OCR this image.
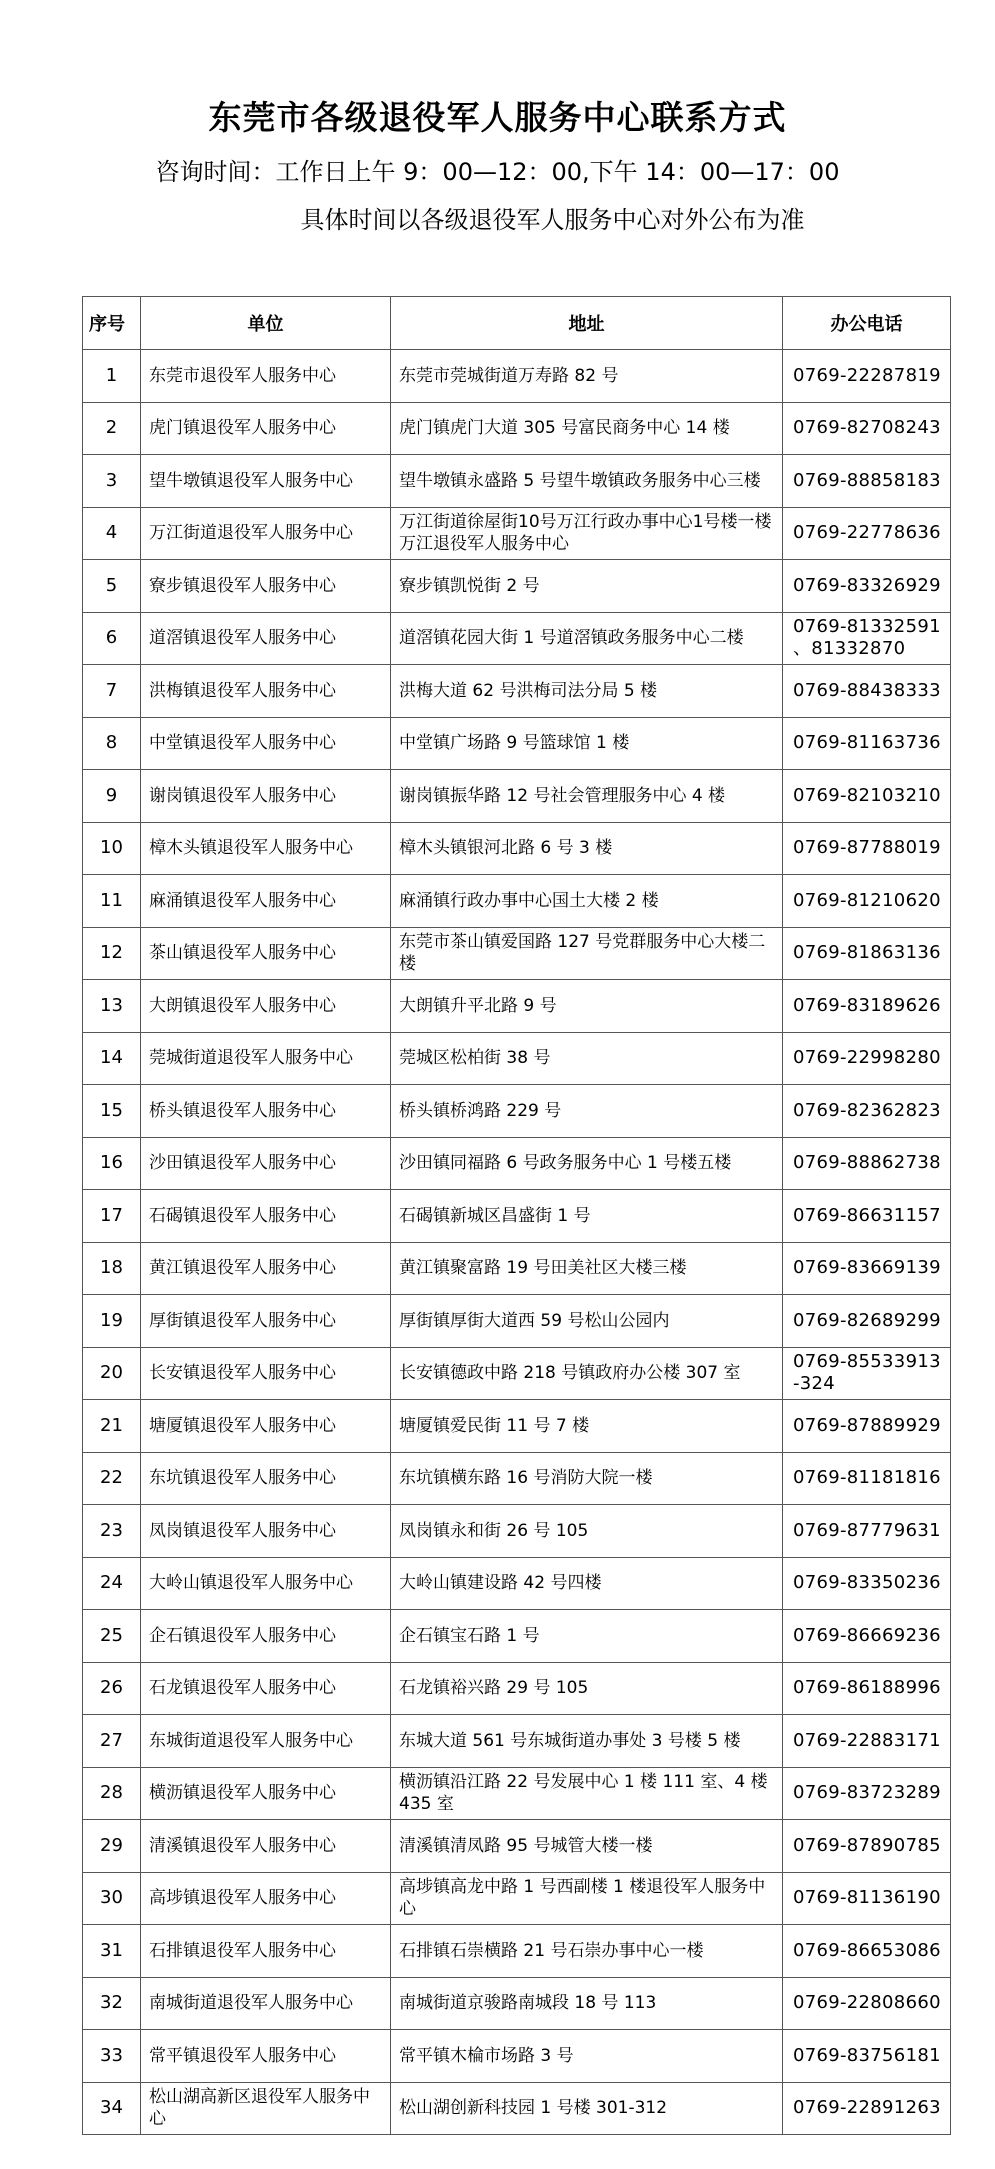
东莞市各级退役军人服务中心联系方式
咨询时间：工作日上午 9：00—12：00,下午 14：00—17：00
具体时间以各级退役军人服务中心对外公布为准
序号	单位	地址	办公电话
1	东莞市退役军人服务中心	东莞市莞城街道万寿路 82 号	0769-22287819
2	虎门镇退役军人服务中心	虎门镇虎门大道 305 号富民商务中心 14 楼	0769-82708243
3	望牛墩镇退役军人服务中心	望牛墩镇永盛路 5 号望牛墩镇政务服务中心三楼	0769-88858183
4	万江街道退役军人服务中心	万江街道徐屋街10号万江行政办事中心1号楼一楼万江退役军人服务中心	0769-22778636
5	寮步镇退役军人服务中心	寮步镇凯悦街 2 号	0769-83326929
6	道滘镇退役军人服务中心	道滘镇花园大街 1 号道滘镇政务服务中心二楼	0769-81332591 、81332870
7	洪梅镇退役军人服务中心	洪梅大道 62 号洪梅司法分局 5 楼	0769-88438333
8	中堂镇退役军人服务中心	中堂镇广场路 9 号篮球馆 1 楼	0769-81163736
9	谢岗镇退役军人服务中心	谢岗镇振华路 12 号社会管理服务中心 4 楼	0769-82103210
10	樟木头镇退役军人服务中心	樟木头镇银河北路 6 号 3 楼	0769-87788019
11	麻涌镇退役军人服务中心	麻涌镇行政办事中心国土大楼 2 楼	0769-81210620
12	茶山镇退役军人服务中心	东莞市茶山镇爱国路 127 号党群服务中心大楼二楼	0769-81863136
13	大朗镇退役军人服务中心	大朗镇升平北路 9 号	0769-83189626
14	莞城街道退役军人服务中心	莞城区松柏街 38 号	0769-22998280
15	桥头镇退役军人服务中心	桥头镇桥鸿路 229 号	0769-82362823
16	沙田镇退役军人服务中心	沙田镇同福路 6 号政务服务中心 1 号楼五楼	0769-88862738
17	石碣镇退役军人服务中心	石碣镇新城区昌盛街 1 号	0769-86631157
18	黄江镇退役军人服务中心	黄江镇聚富路 19 号田美社区大楼三楼	0769-83669139
19	厚街镇退役军人服务中心	厚街镇厚街大道西 59 号松山公园内	0769-82689299
20	长安镇退役军人服务中心	长安镇德政中路 218 号镇政府办公楼 307 室	0769-85533913 -324
21	塘厦镇退役军人服务中心	塘厦镇爱民街 11 号 7 楼	0769-87889929
22	东坑镇退役军人服务中心	东坑镇横东路 16 号消防大院一楼	0769-81181816
23	凤岗镇退役军人服务中心	凤岗镇永和街 26 号 105	0769-87779631
24	大岭山镇退役军人服务中心	大岭山镇建设路 42 号四楼	0769-83350236
25	企石镇退役军人服务中心	企石镇宝石路 1 号	0769-86669236
26	石龙镇退役军人服务中心	石龙镇裕兴路 29 号 105	0769-86188996
27	东城街道退役军人服务中心	东城大道 561 号东城街道办事处 3 号楼 5 楼	0769-22883171
28	横沥镇退役军人服务中心	横沥镇沿江路 22 号发展中心 1 楼 111 室、4 楼 435 室	0769-83723289
29	清溪镇退役军人服务中心	清溪镇清凤路 95 号城管大楼一楼	0769-87890785
30	高埗镇退役军人服务中心	高埗镇高龙中路 1 号西副楼 1 楼退役军人服务中心	0769-81136190
31	石排镇退役军人服务中心	石排镇石崇横路 21 号石崇办事中心一楼	0769-86653086
32	南城街道退役军人服务中心	南城街道京骏路南城段 18 号 113	0769-22808660
33	常平镇退役军人服务中心	常平镇木棆市场路 3 号	0769-83756181
34	松山湖高新区退役军人服务中心	松山湖创新科技园 1 号楼 301-312	0769-22891263
